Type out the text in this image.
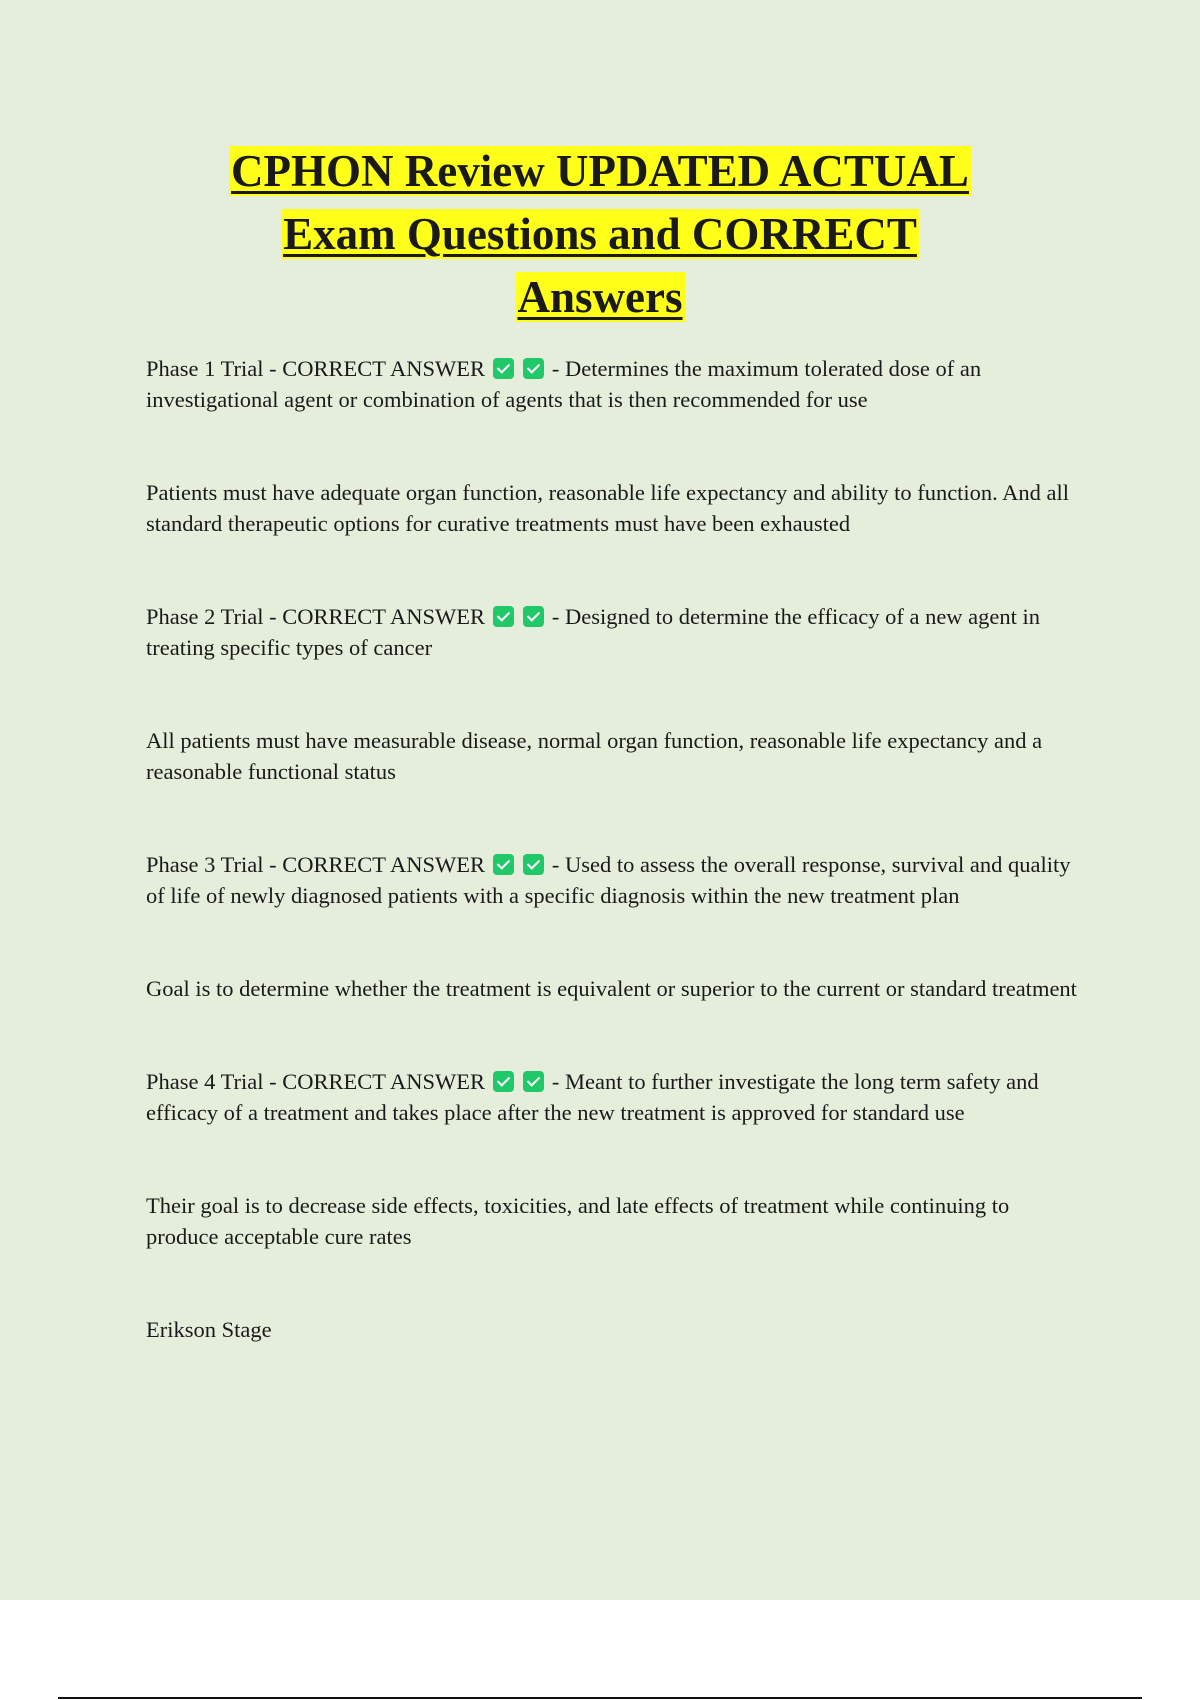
CPHON Review UPDATED ACTUAL
Exam Questions and CORRECT
Answers

Phase 1 Trial - CORRECT ANSWER	- Determines the maximum tolerated dose of an investigational agent or combination of agents that is then recommended for use

Patients must have adequate organ function, reasonable life expectancy and ability to function. And all standard therapeutic options for curative treatments must have been exhausted

Phase 2 Trial - CORRECT ANSWER	- Designed to determine the efficacy of a new agent in treating specific types of cancer

All patients must have measurable disease, normal organ function, reasonable life expectancy and a reasonable functional status

Phase 3 Trial - CORRECT ANSWER	- Used to assess the overall response, survival and quality of life of newly diagnosed patients with a specific diagnosis within the new treatment plan

Goal is to determine whether the treatment is equivalent or superior to the current or standard treatment

Phase 4 Trial - CORRECT ANSWER	- Meant to further investigate the long term safety and efficacy of a treatment and takes place after the new treatment is approved for standard use

Their goal is to decrease side effects, toxicities, and late effects of treatment while continuing to produce acceptable cure rates

Erikson Stage
